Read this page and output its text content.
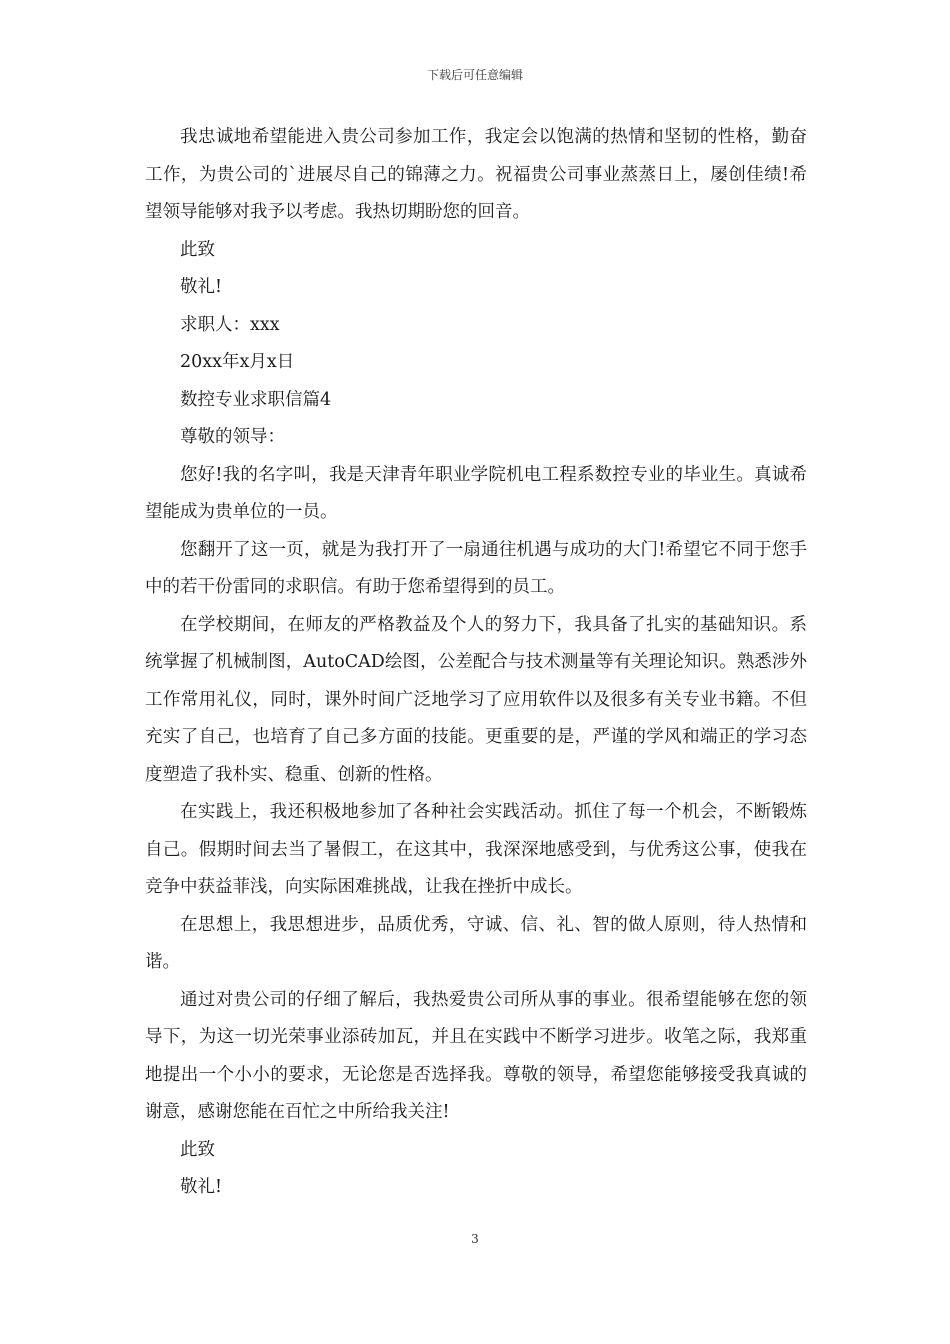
下载后可任意编辑

我忠诚地希望能进入贵公司参加工作，我定会以饱满的热情和坚韧的性格，勤奋工作，为贵公司的`进展尽自己的锦薄之力。祝福贵公司事业蒸蒸日上，屡创佳绩!希望领导能够对我予以考虑。我热切期盼您的回音。

此致

敬礼!

求职人：xxx

20xx年x月x日

数控专业求职信篇4

尊敬的领导：

您好!我的名字叫，我是天津青年职业学院机电工程系数控专业的毕业生。真诚希望能成为贵单位的一员。

您翻开了这一页，就是为我打开了一扇通往机遇与成功的大门!希望它不同于您手中的若干份雷同的求职信。有助于您希望得到的员工。

在学校期间，在师友的严格教益及个人的努力下，我具备了扎实的基础知识。系统掌握了机械制图，AutoCAD绘图，公差配合与技术测量等有关理论知识。熟悉涉外工作常用礼仪，同时，课外时间广泛地学习了应用软件以及很多有关专业书籍。不但充实了自己，也培育了自己多方面的技能。更重要的是，严谨的学风和端正的学习态度塑造了我朴实、稳重、创新的性格。

在实践上，我还积极地参加了各种社会实践活动。抓住了每一个机会，不断锻炼自己。假期时间去当了暑假工，在这其中，我深深地感受到，与优秀这公事，使我在竞争中获益菲浅，向实际困难挑战，让我在挫折中成长。

在思想上，我思想进步，品质优秀，守诚、信、礼、智的做人原则，待人热情和谐。

通过对贵公司的仔细了解后，我热爱贵公司所从事的事业。很希望能够在您的领导下，为这一切光荣事业添砖加瓦，并且在实践中不断学习进步。收笔之际，我郑重地提出一个小小的要求，无论您是否选择我。尊敬的领导，希望您能够接受我真诚的谢意，感谢您能在百忙之中所给我关注!

此致

敬礼!

3
